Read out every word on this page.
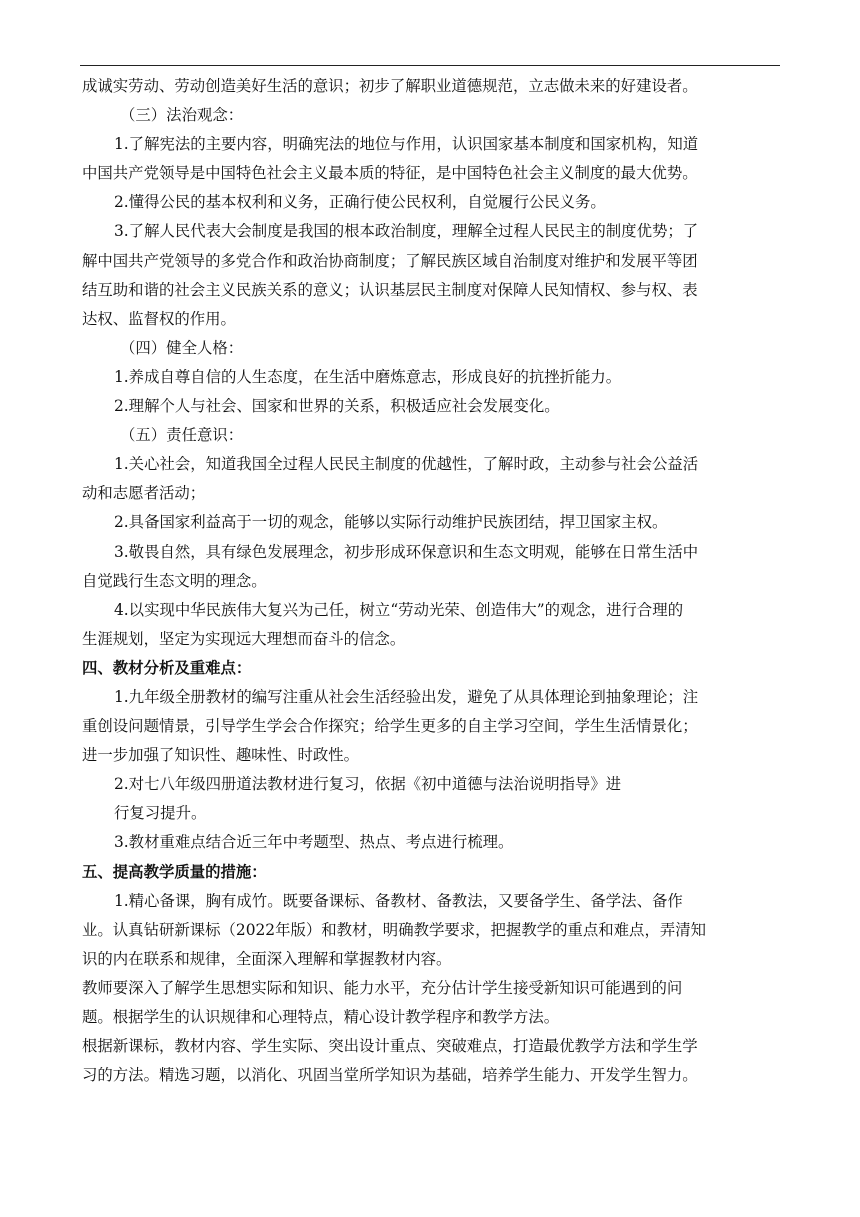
成诚实劳动、劳动创造美好生活的意识；初步了解职业道德规范，立志做未来的好建设者。

（三）法治观念：

1.了解宪法的主要内容，明确宪法的地位与作用，认识国家基本制度和国家机构，知道

中国共产党领导是中国特色社会主义最本质的特征，是中国特色社会主义制度的最大优势。

2.懂得公民的基本权利和义务，正确行使公民权利，自觉履行公民义务。

3.了解人民代表大会制度是我国的根本政治制度，理解全过程人民民主的制度优势；了

解中国共产党领导的多党合作和政治协商制度；了解民族区域自治制度对维护和发展平等团

结互助和谐的社会主义民族关系的意义；认识基层民主制度对保障人民知情权、参与权、表

达权、监督权的作用。

（四）健全人格：

1.养成自尊自信的人生态度，在生活中磨炼意志，形成良好的抗挫折能力。

2.理解个人与社会、国家和世界的关系，积极适应社会发展变化。

（五）责任意识：

1.关心社会，知道我国全过程人民民主制度的优越性，了解时政，主动参与社会公益活

动和志愿者活动；

2.具备国家利益高于一切的观念，能够以实际行动维护民族团结，捍卫国家主权。

3.敬畏自然，具有绿色发展理念，初步形成环保意识和生态文明观，能够在日常生活中

自觉践行生态文明的理念。

4.以实现中华民族伟大复兴为己任，树立“劳动光荣、创造伟大”的观念，进行合理的

生涯规划，坚定为实现远大理想而奋斗的信念。

四、教材分析及重难点：

1.九年级全册教材的编写注重从社会生活经验出发，避免了从具体理论到抽象理论；注

重创设问题情景，引导学生学会合作探究；给学生更多的自主学习空间，学生生活情景化；

进一步加强了知识性、趣味性、时政性。

2.对七八年级四册道法教材进行复习，依据《初中道德与法治说明指导》进

行复习提升。

3.教材重难点结合近三年中考题型、热点、考点进行梳理。

五、提高教学质量的措施：

1.精心备课，胸有成竹。既要备课标、备教材、备教法，又要备学生、备学法、备作

业。认真钻研新课标（2022年版）和教材，明确教学要求，把握教学的重点和难点，弄清知

识的内在联系和规律，全面深入理解和掌握教材内容。

教师要深入了解学生思想实际和知识、能力水平，充分估计学生接受新知识可能遇到的问

题。根据学生的认识规律和心理特点，精心设计教学程序和教学方法。

根据新课标，教材内容、学生实际、突出设计重点、突破难点，打造最优教学方法和学生学

习的方法。精选习题，以消化、巩固当堂所学知识为基础，培养学生能力、开发学生智力。
